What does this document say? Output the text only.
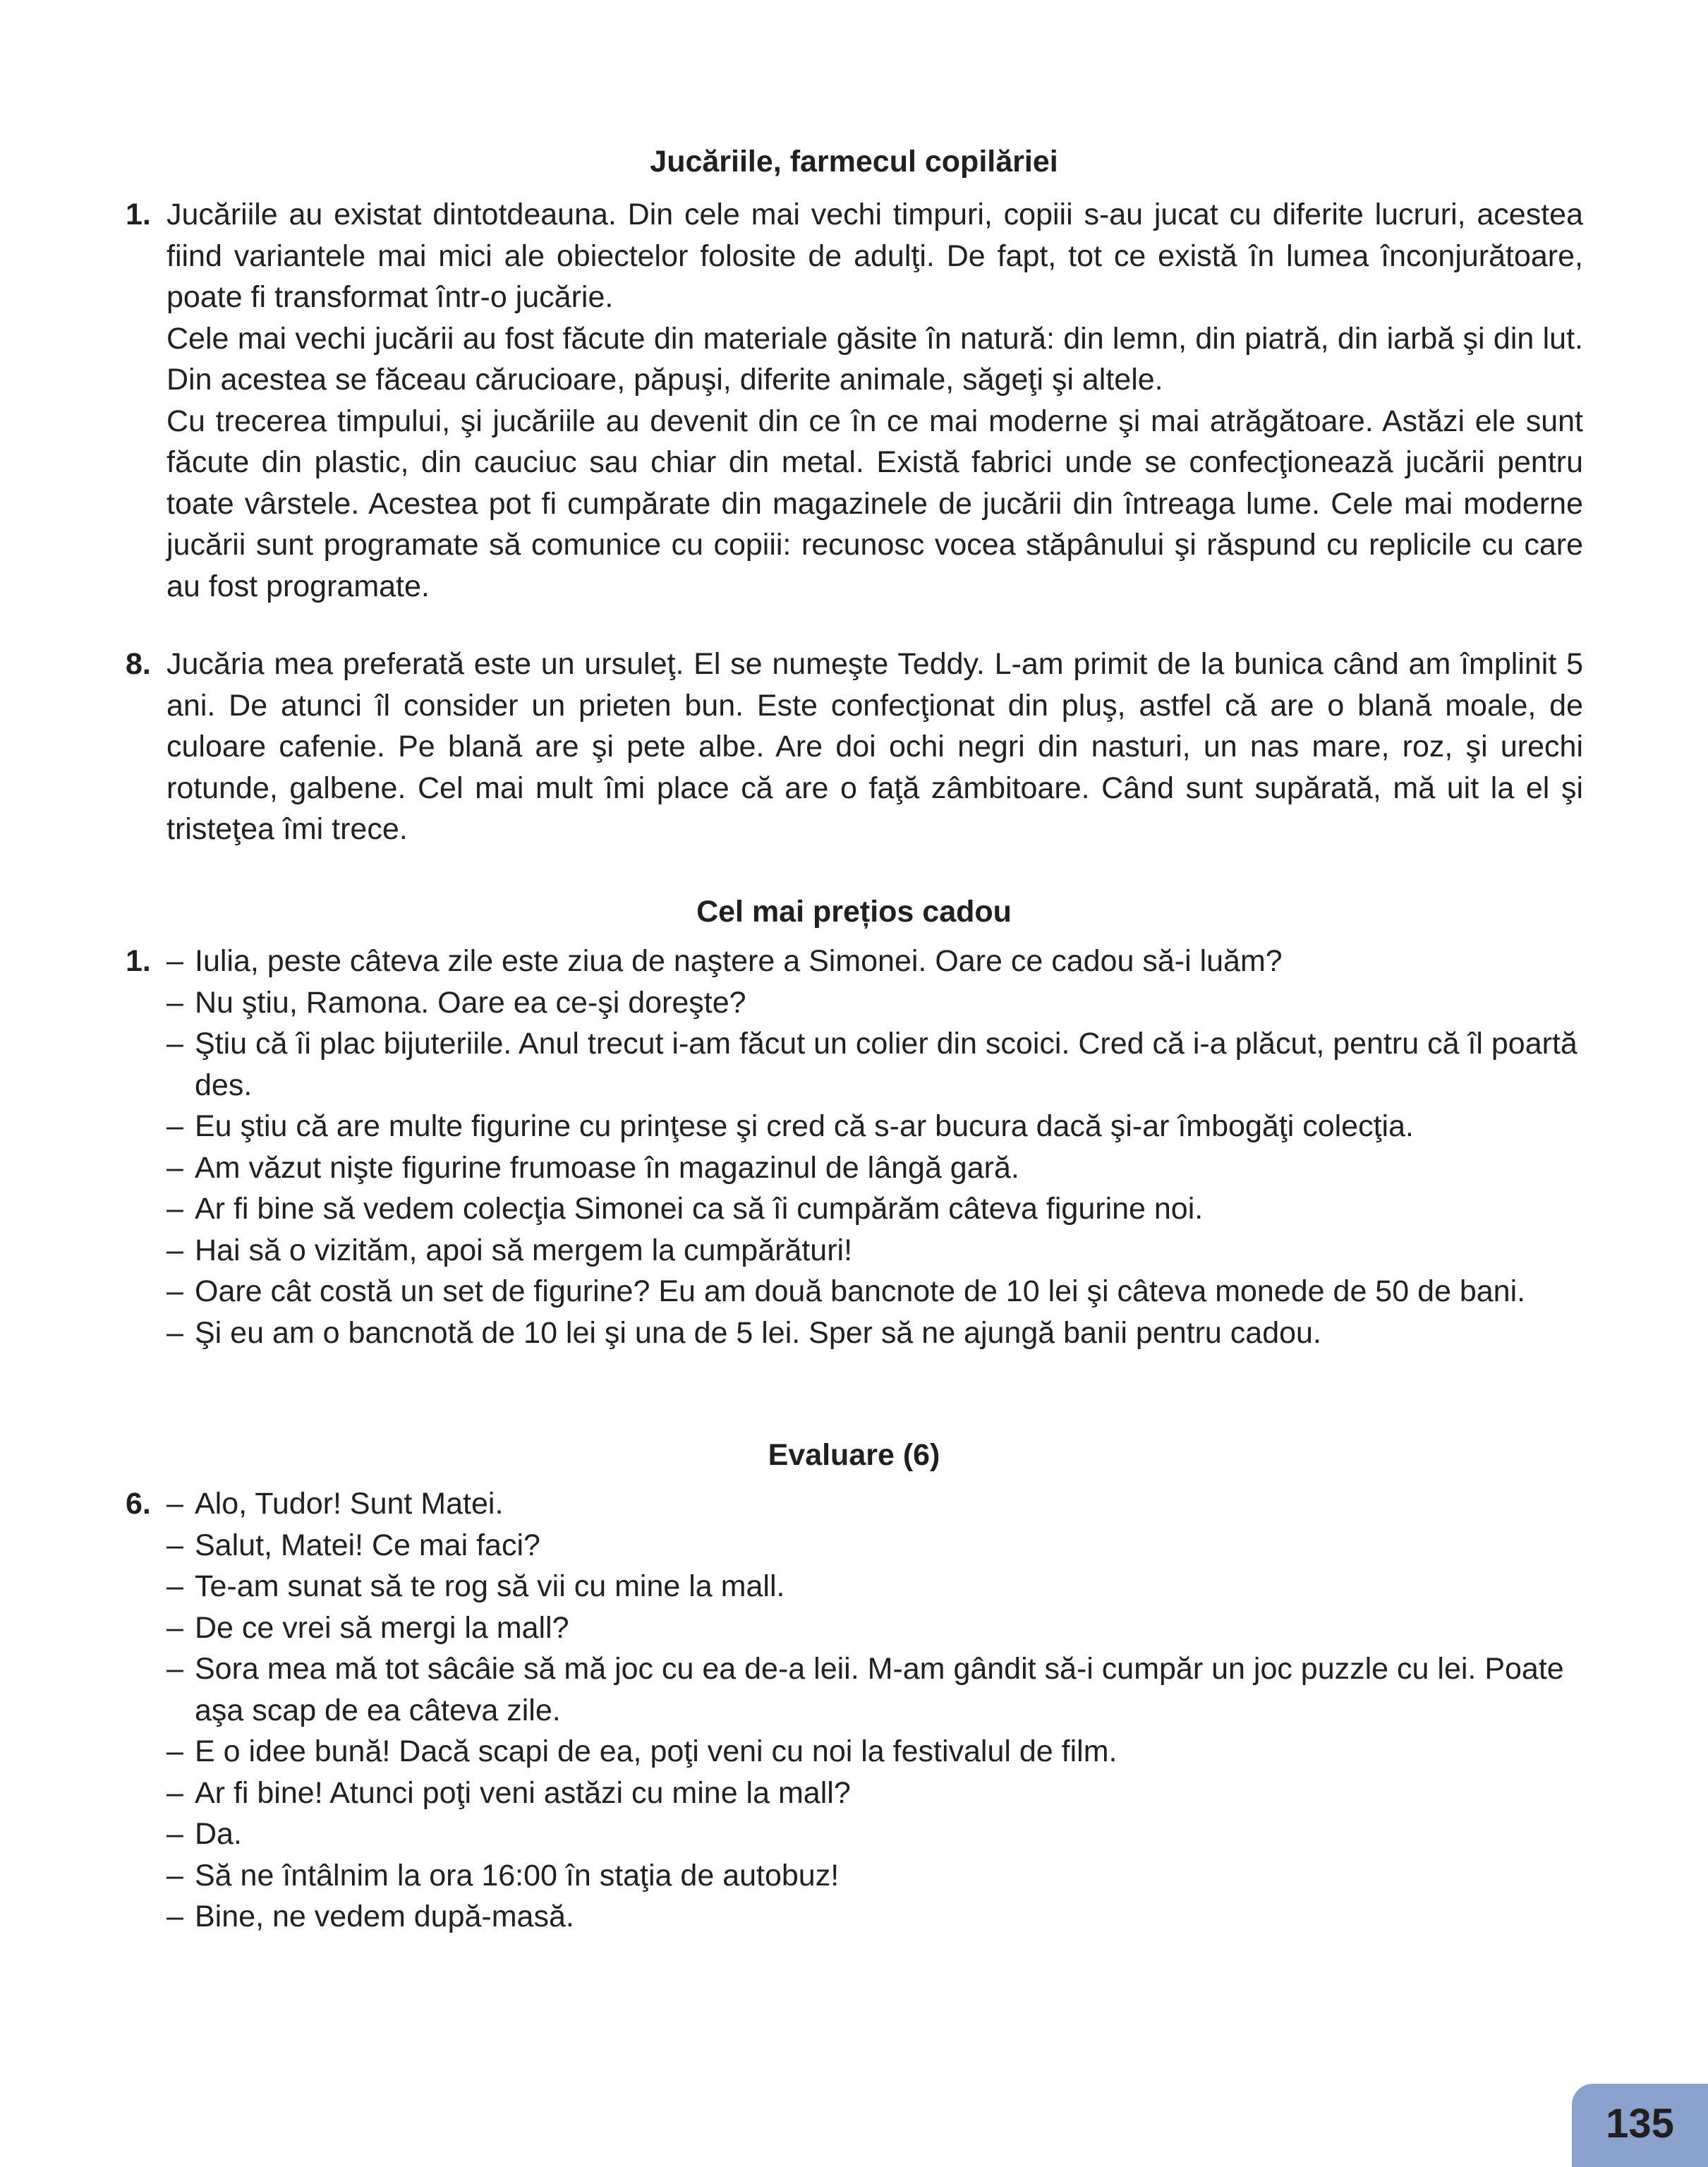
Jucăriile, farmecul copilăriei
1. Jucăriile au existat dintotdeauna. Din cele mai vechi timpuri, copiii s-au jucat cu diferite lucruri, acestea fiind variantele mai mici ale obiectelor folosite de adulţi. De fapt, tot ce există în lumea înconjurătoare, poate fi transformat într-o jucărie.

Cele mai vechi jucării au fost făcute din materiale găsite în natură: din lemn, din piatră, din iarbă şi din lut. Din acestea se făceau cărucioare, păpuşi, diferite animale, săgeţi şi altele.

Cu trecerea timpului, şi jucăriile au devenit din ce în ce mai moderne şi mai atrăgătoare. Astăzi ele sunt făcute din plastic, din cauciuc sau chiar din metal. Există fabrici unde se confecţionează jucării pentru toate vârstele. Acestea pot fi cumpărate din magazinele de jucării din întreaga lume. Cele mai moderne jucării sunt programate să comunice cu copiii: recunosc vocea stăpânului şi răspund cu replicile cu care au fost programate.

8. Jucăria mea preferată este un ursuleţ. El se numeşte Teddy. L-am primit de la bunica când am împlinit 5 ani. De atunci îl consider un prieten bun. Este confecţionat din pluş, astfel că are o blană moale, de culoare cafenie. Pe blană are şi pete albe. Are doi ochi negri din nasturi, un nas mare, roz, şi urechi rotunde, galbene. Cel mai mult îmi place că are o faţă zâmbitoare. Când sunt supărată, mă uit la el şi tristeţea îmi trece.

Cel mai prețios cadou
1. – Iulia, peste câteva zile este ziua de naştere a Simonei. Oare ce cadou să-i luăm?

– Nu ştiu, Ramona. Oare ea ce-şi doreşte?

– Ştiu că îi plac bijuteriile. Anul trecut i-am făcut un colier din scoici. Cred că i-a plăcut, pentru că îl poartă des.

– Eu ştiu că are multe figurine cu prinţese şi cred că s-ar bucura dacă şi-ar îmbogăţi colecţia.

– Am văzut nişte figurine frumoase în magazinul de lângă gară.

– Ar fi bine să vedem colecţia Simonei ca să îi cumpărăm câteva figurine noi.

– Hai să o vizităm, apoi să mergem la cumpărături!

– Oare cât costă un set de figurine? Eu am două bancnote de 10 lei şi câteva monede de 50 de bani.

– Şi eu am o bancnotă de 10 lei şi una de 5 lei. Sper să ne ajungă banii pentru cadou.

Evaluare (6)
6. – Alo, Tudor! Sunt Matei.

– Salut, Matei! Ce mai faci?

– Te-am sunat să te rog să vii cu mine la mall.

– De ce vrei să mergi la mall?

– Sora mea mă tot sâcâie să mă joc cu ea de-a leii. M-am gândit să-i cumpăr un joc puzzle cu lei. Poate aşa scap de ea câteva zile.

– E o idee bună! Dacă scapi de ea, poţi veni cu noi la festivalul de film.

– Ar fi bine! Atunci poţi veni astăzi cu mine la mall?

– Da.

– Să ne întâlnim la ora 16:00 în staţia de autobuz!

– Bine, ne vedem după-masă.

135
